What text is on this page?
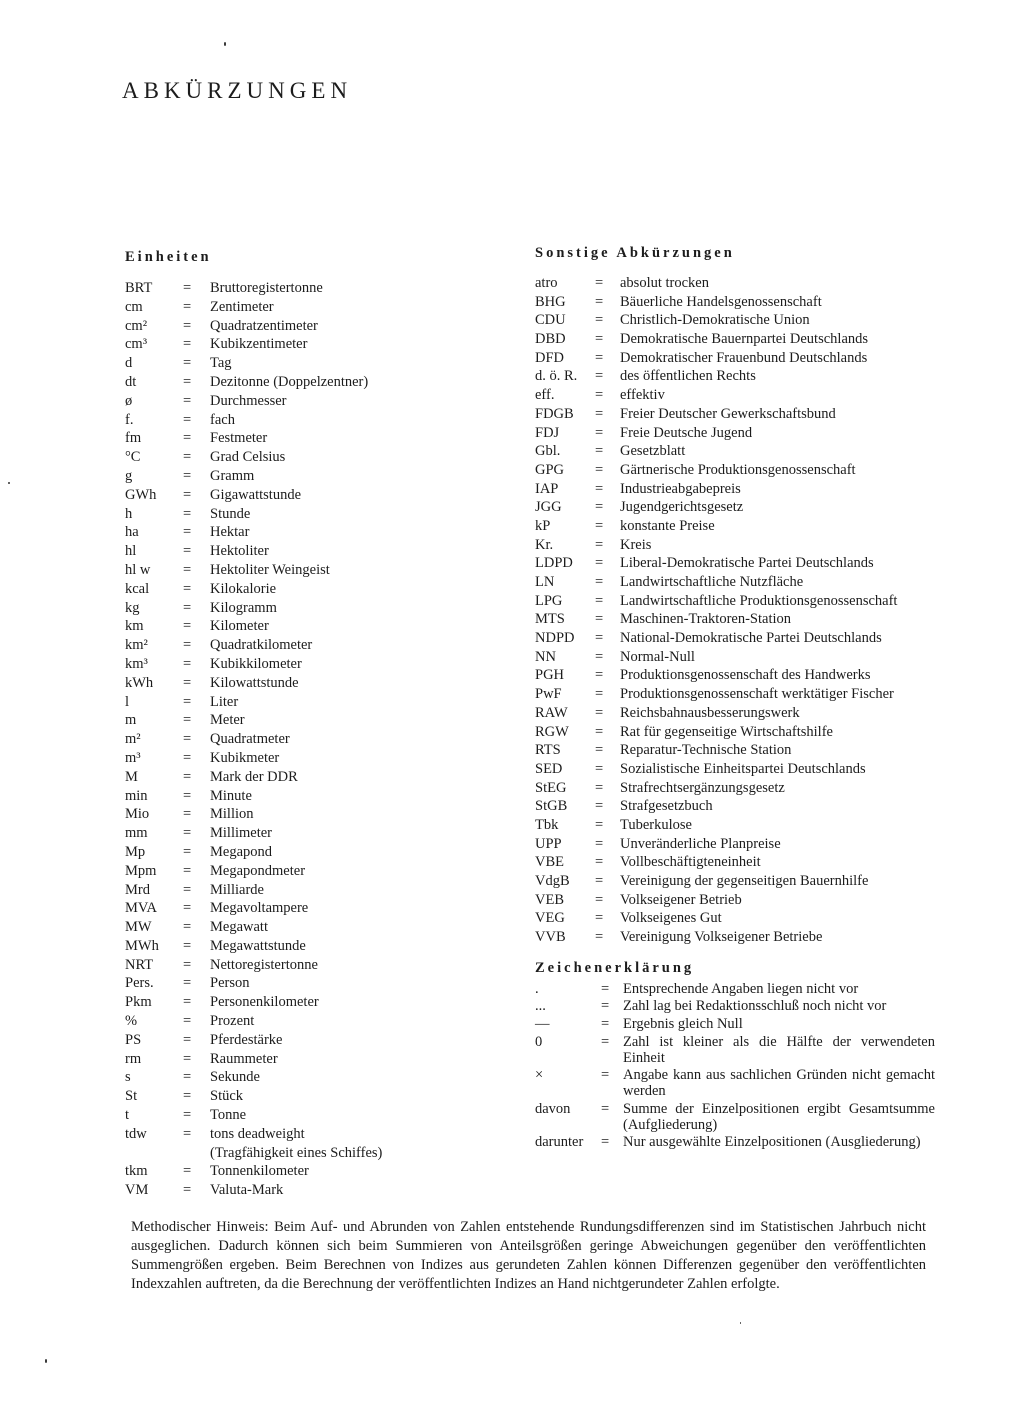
ABKÜRZUNGEN
Einheiten
BRT	=	Bruttoregistertonne
cm	=	Zentimeter
cm²	=	Quadratzentimeter
cm³	=	Kubikzentimeter
d	=	Tag
dt	=	Dezitonne (Doppelzentner)
ø	=	Durchmesser
f.	=	fach
fm	=	Festmeter
°C	=	Grad Celsius
g	=	Gramm
GWh	=	Gigawattstunde
h	=	Stunde
ha	=	Hektar
hl	=	Hektoliter
hl w	=	Hektoliter Weingeist
kcal	=	Kilokalorie
kg	=	Kilogramm
km	=	Kilometer
km²	=	Quadratkilometer
km³	=	Kubikkilometer
kWh	=	Kilowattstunde
l	=	Liter
m	=	Meter
m²	=	Quadratmeter
m³	=	Kubikmeter
M	=	Mark der DDR
min	=	Minute
Mio	=	Million
mm	=	Millimeter
Mp	=	Megapond
Mpm	=	Megapondmeter
Mrd	=	Milliarde
MVA	=	Megavoltampere
MW	=	Megawatt
MWh	=	Megawattstunde
NRT	=	Nettoregistertonne
Pers.	=	Person
Pkm	=	Personenkilometer
%	=	Prozent
PS	=	Pferdestärke
rm	=	Raummeter
s	=	Sekunde
St	=	Stück
t	=	Tonne
tdw	=	tons deadweight
(Tragfähigkeit eines Schiffes)
tkm	=	Tonnenkilometer
VM	=	Valuta-Mark
Sonstige Abkürzungen
atro	=	absolut trocken
BHG	=	Bäuerliche Handelsgenossenschaft
CDU	=	Christlich-Demokratische Union
DBD	=	Demokratische Bauernpartei Deutschlands
DFD	=	Demokratischer Frauenbund Deutschlands
d. ö. R.	=	des öffentlichen Rechts
eff.	=	effektiv
FDGB	=	Freier Deutscher Gewerkschaftsbund
FDJ	=	Freie Deutsche Jugend
Gbl.	=	Gesetzblatt
GPG	=	Gärtnerische Produktionsgenossenschaft
IAP	=	Industrieabgabepreis
JGG	=	Jugendgerichtsgesetz
kP	=	konstante Preise
Kr.	=	Kreis
LDPD	=	Liberal-Demokratische Partei Deutschlands
LN	=	Landwirtschaftliche Nutzfläche
LPG	=	Landwirtschaftliche Produktionsgenossenschaft
MTS	=	Maschinen-Traktoren-Station
NDPD	=	National-Demokratische Partei Deutschlands
NN	=	Normal-Null
PGH	=	Produktionsgenossenschaft des Handwerks
PwF	=	Produktionsgenossenschaft werktätiger Fischer
RAW	=	Reichsbahnausbesserungswerk
RGW	=	Rat für gegenseitige Wirtschaftshilfe
RTS	=	Reparatur-Technische Station
SED	=	Sozialistische Einheitspartei Deutschlands
StEG	=	Strafrechtsergänzungsgesetz
StGB	=	Strafgesetzbuch
Tbk	=	Tuberkulose
UPP	=	Unveränderliche Planpreise
VBE	=	Vollbeschäftigteneinheit
VdgB	=	Vereinigung der gegenseitigen Bauernhilfe
VEB	=	Volkseigener Betrieb
VEG	=	Volkseigenes Gut
VVB	=	Vereinigung Volkseigener Betriebe
Zeichenerklärung
.	= Entsprechende Angaben liegen nicht vor
...	= Zahl lag bei Redaktionsschluß noch nicht vor
—	= Ergebnis gleich Null
0	= Zahl ist kleiner als die Hälfte der verwendeten Einheit
×	= Angabe kann aus sachlichen Gründen nicht gemacht werden
davon	= Summe der Einzelpositionen ergibt Gesamtsumme (Aufgliederung)
darunter	= Nur ausgewählte Einzelpositionen (Ausgliederung)
Methodischer Hinweis: Beim Auf- und Abrunden von Zahlen entstehende Rundungsdifferenzen sind im Statistischen Jahrbuch nicht ausgeglichen. Dadurch können sich beim Summieren von Anteilsgrößen geringe Abweichungen gegenüber den veröffentlichten Summengrößen ergeben. Beim Berechnen von Indizes aus gerundeten Zahlen können Differenzen gegenüber den veröffentlichten Indexzahlen auftreten, da die Berechnung der veröffentlichten Indizes an Hand nichtgerundeter Zahlen erfolgte.
